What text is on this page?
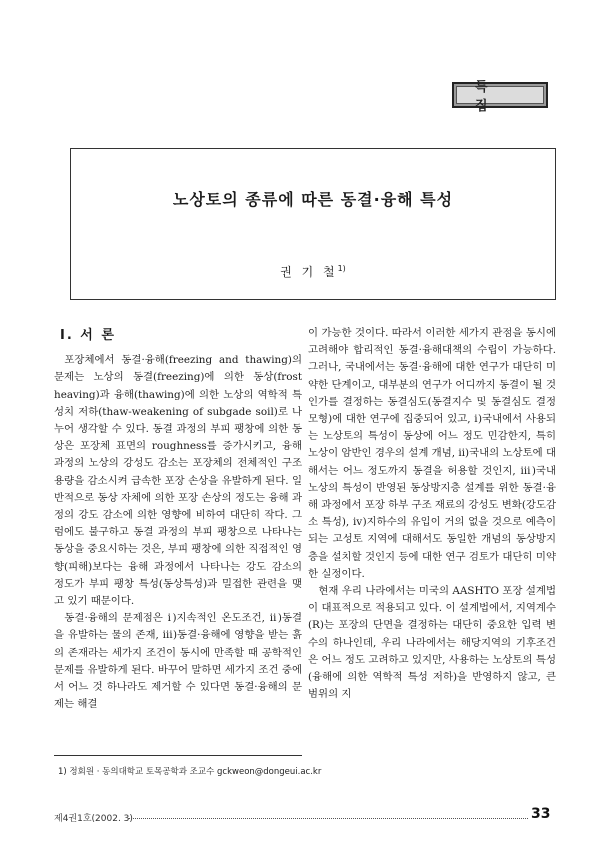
특 집
노상토의 종류에 따른 동결·융해 특성
권 기 철$^{1)}$
Ⅰ. 서 론

포장체에서 동결·융해(freezing and thawing)의 문제는 노상의 동결(freezing)에 의한 동상(frost heaving)과 융해(thawing)에 의한 노상의 역학적 특성치 저하(thaw-weakening of subgade soil)로 나누어 생각할 수 있다. 동결 과정의 부피 팽창에 의한 동상은 포장체 표면의 roughness를 증가시키고, 융해 과정의 노상의 강성도 감소는 포장체의 전체적인 구조용량을 감소시켜 급속한 포장 손상을 유발하게 된다. 일반적으로 동상 자체에 의한 포장 손상의 정도는 융해 과정의 강도 감소에 의한 영향에 비하여 대단히 작다. 그럼에도 불구하고 동결 과정의 부피 팽창으로 나타나는 동상을 중요시하는 것은, 부피 팽창에 의한 직접적인 영향(피해)보다는 융해 과정에서 나타나는 강도 감소의 정도가 부피 팽창 특성(동상특성)과 밀접한 관련을 맺고 있기 때문이다.

동결·융해의 문제점은 ⅰ)지속적인 온도조건, ⅱ)동결을 유발하는 물의 존재, ⅲ)동결·융해에 영향을 받는 흙의 존재라는 세가지 조건이 동시에 만족할 때 공학적인 문제를 유발하게 된다. 바꾸어 말하면 세가지 조건 중에서 어느 것 하나라도 제거할 수 있다면 동결·융해의 문제는 해결

이 가능한 것이다. 따라서 이러한 세가지 관점을 동시에 고려해야 합리적인 동결·융해대책의 수립이 가능하다. 그러나, 국내에서는 동결·융해에 대한 연구가 대단히 미약한 단계이고, 대부분의 연구가 어디까지 동결이 될 것인가를 결정하는 동결심도(동결지수 및 동결심도 결정 모형)에 대한 연구에 집중되어 있고, ⅰ)국내에서 사용되는 노상토의 특성이 동상에 어느 정도 민감한지, 특히 노상이 암반인 경우의 설계 개념, ⅱ)국내의 노상토에 대해서는 어느 정도까지 동결을 허용할 것인지, ⅲ)국내 노상의 특성이 반영된 동상방지층 설계를 위한 동결·융해 과정에서 포장 하부 구조 재료의 강성도 변화(강도감소 특성), ⅳ)지하수의 유입이 거의 없을 것으로 예측이 되는 고성토 지역에 대해서도 동일한 개념의 동상방지층을 설치할 것인지 등에 대한 연구 검토가 대단히 미약한 실정이다.

현재 우리 나라에서는 미국의 AASHTO 포장 설계법이 대표적으로 적용되고 있다. 이 설계법에서, 지역계수(R)는 포장의 단면을 결정하는 대단히 중요한 입력 변수의 하나인데, 우리 나라에서는 해당지역의 기후조건은 어느 정도 고려하고 있지만, 사용하는 노상토의 특성(융해에 의한 역학적 특성 저하)을 반영하지 않고, 큰 범위의 지

1) 정회원 · 동의대학교 토목공학과 조교수 gckweon@dongeui.ac.kr
제4권1호(2002. 3)	33
